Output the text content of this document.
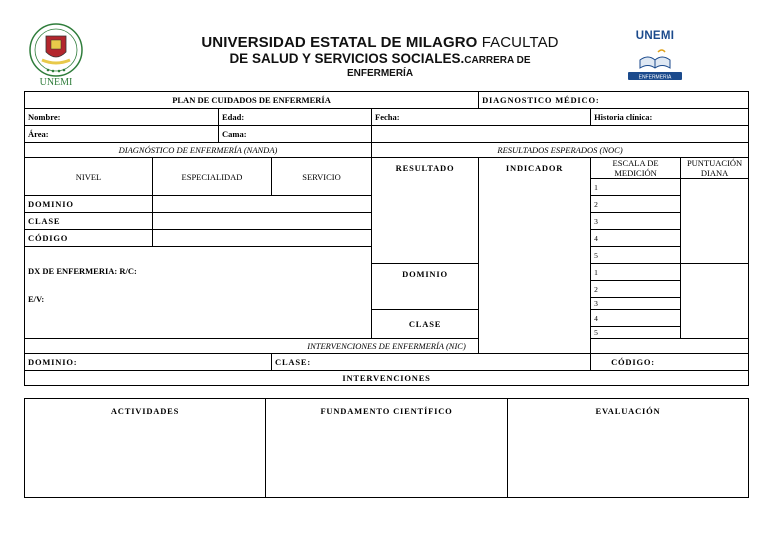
UNEMI
UNIVERSIDAD ESTATAL DE MILAGRO FACULTAD
DE SALUD Y SERVICIOS SOCIALES.CARRERA DE
ENFERMERÍA
UNEMI
ENFERMERIA
PLAN DE CUIDADOS DE ENFERMERÍA					DIAGNOSTICO MÉDICO:		
Nombre:		Edad:		Fecha:		Historia clínica:	
Área:		Cama:					
DIAGNÓSTICO DE ENFERMERÍA (NANDA)				RESULTADOS ESPERADOS (NOC)			
NIVEL	ESPECIALIDAD		SERVICIO	RESULTADO	INDICADOR	ESCALA DE MEDICIÓN	PUNTUACIÓN DIANA
						1	
DOMINIO						2	
CLASE						3	
CÓDIGO						4	

DX DE ENFERMERIA: R/C:
E/V:						5	
				DOMINIO		1	
						2	
						3	
				CLASE		4	
						5	
INTERVENCIONES DE ENFERMERÍA (NIC)							
DOMINIO:			CLASE:			CÓDIGO:	
INTERVENCIONES							
ACTIVIDADES	FUNDAMENTO CIENTÍFICO	EVALUACIÓN
